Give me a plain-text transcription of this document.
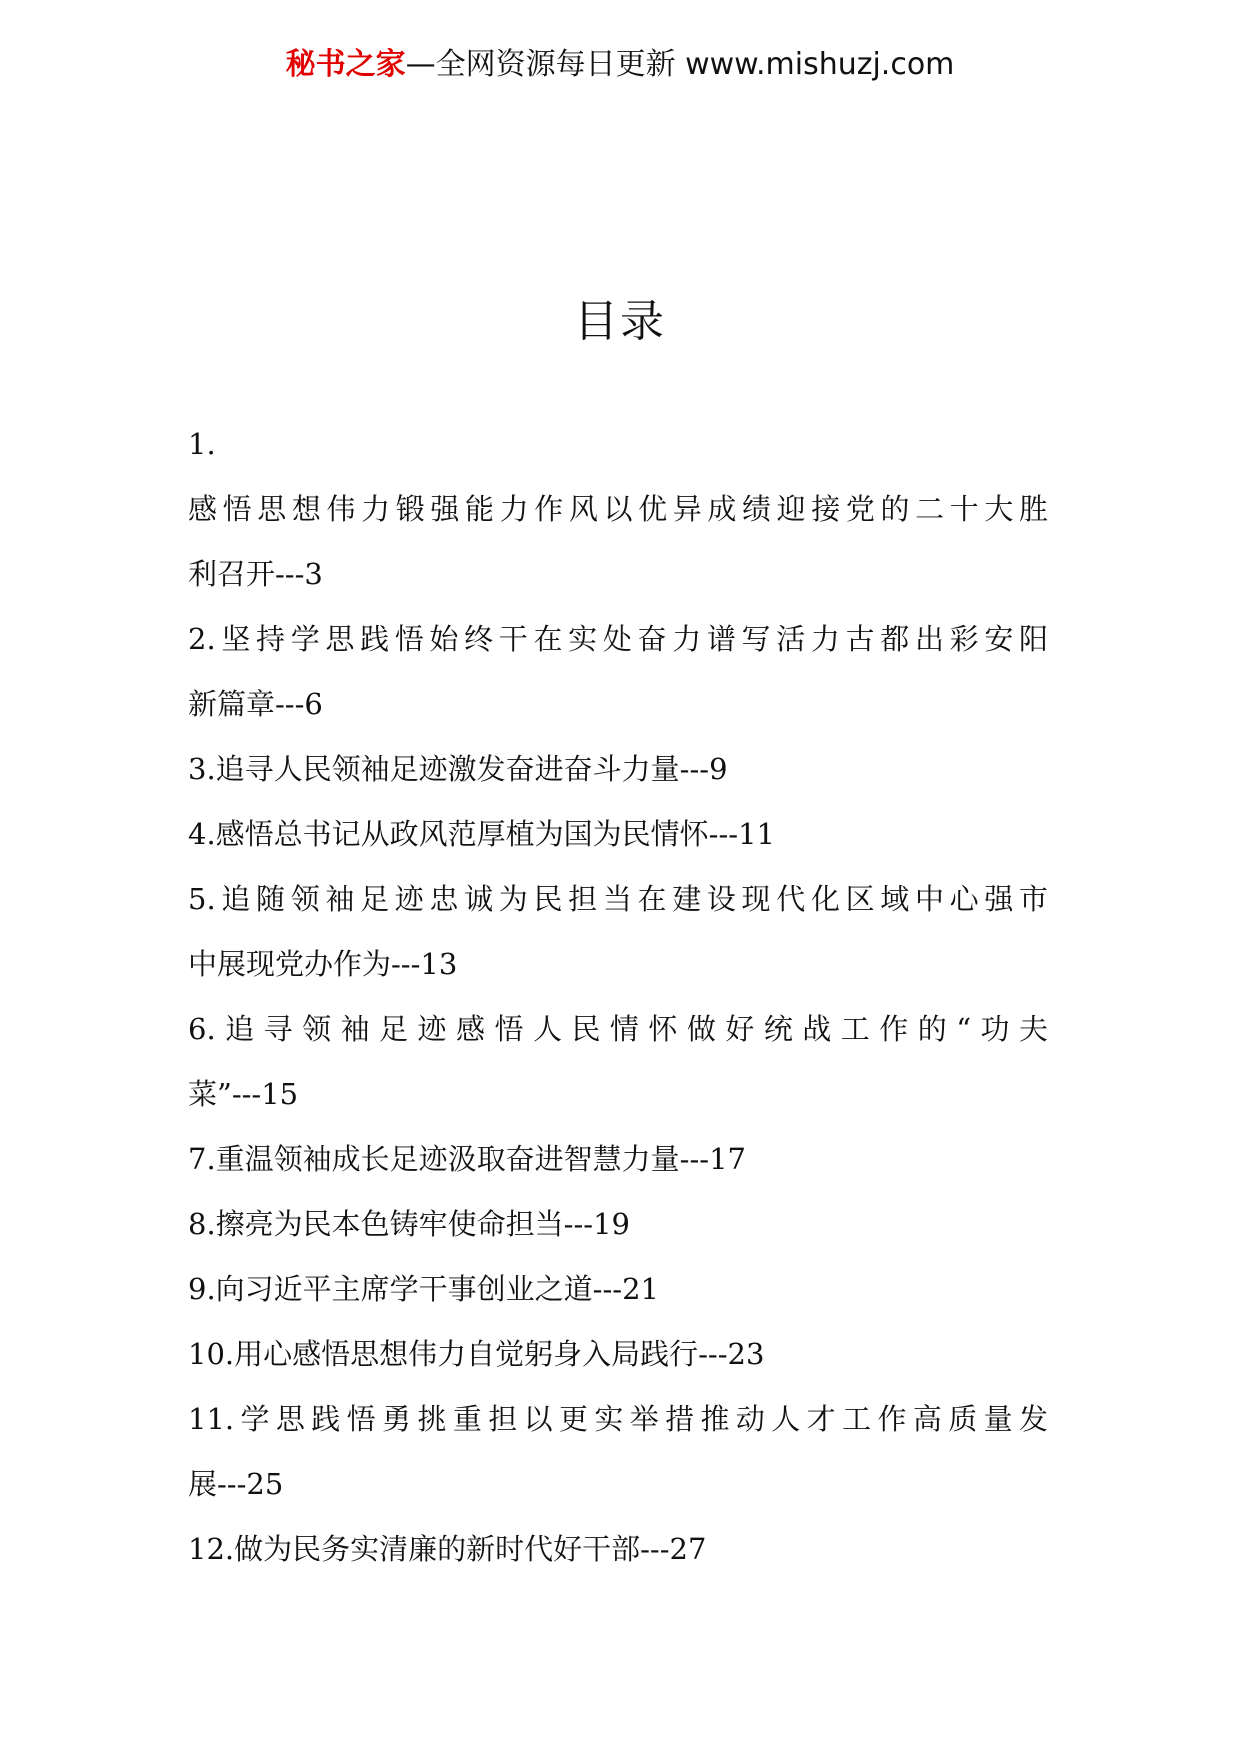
秘书之家—全网资源每日更新 www.mishuzj.com
目录
1.
感悟思想伟力锻强能力作风以优异成绩迎接党的二十大胜
利召开---3
2.坚持学思践悟始终干在实处奋力谱写活力古都出彩安阳
新篇章---6
3.追寻人民领袖足迹激发奋进奋斗力量---9
4.感悟总书记从政风范厚植为国为民情怀---11
5.追随领袖足迹忠诚为民担当在建设现代化区域中心强市
中展现党办作为---13
6.追寻领袖足迹感悟人民情怀做好统战工作的“功夫
菜”---15
7.重温领袖成长足迹汲取奋进智慧力量---17
8.擦亮为民本色铸牢使命担当---19
9.向习近平主席学干事创业之道---21
10.用心感悟思想伟力自觉躬身入局践行---23
11.学思践悟勇挑重担以更实举措推动人才工作高质量发
展---25
12.做为民务实清廉的新时代好干部---27
